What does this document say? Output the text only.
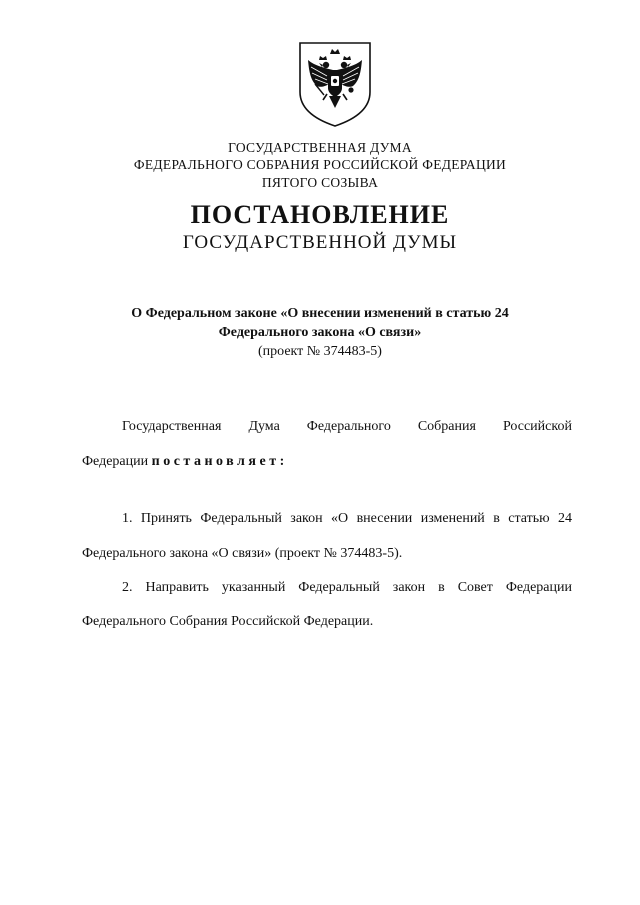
ГОСУДАРСТВЕННАЯ ДУМА
ФЕДЕРАЛЬНОГО СОБРАНИЯ РОССИЙСКОЙ ФЕДЕРАЦИИ
ПЯТОГО СОЗЫВА
ПОСТАНОВЛЕНИЕ
ГОСУДАРСТВЕННОЙ ДУМЫ
О Федеральном законе «О внесении изменений в статью 24
Федерального закона «О связи»
(проект № 374483-5)
Государственная Дума Федерального Собрания Российской
Федерации постановляет:
1. Принять Федеральный закон «О внесении изменений в статью 24
Федерального закона «О связи» (проект № 374483-5).
2. Направить указанный Федеральный закон в Совет Федерации
Федерального Собрания Российской Федерации.
